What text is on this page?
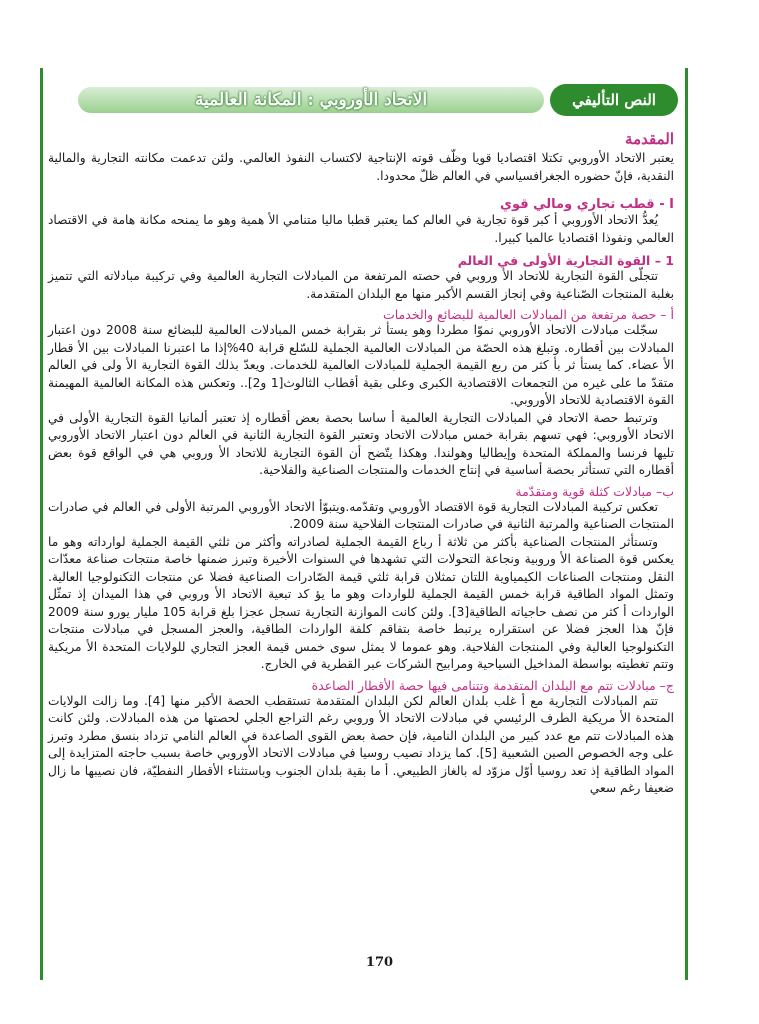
النص التأليفي
الاتحاد الأوروبي : المكانة العالمية
المقدمة

يعتبر الاتحاد الأوروبي تكتلا اقتصاديا قويا وظّف قوته الإنتاجية لاكتساب النفوذ العالمي. ولئن تدعمت مكانته التجارية والمالية النقدية، فإنّ حضوره الجغرافسياسي في العالم ظلّ محدودا.

I - قطب تجاري ومالي قوي

يُعدُّ الاتحاد الأوروبي أ كبر قوة تجارية في العالم كما يعتبر قطبا ماليا متنامي الأ همية وهو ما يمنحه مكانة هامة في الاقتصاد العالمي ونفوذا اقتصاديا عالميا كبيرا.

1 – القوة التجارية الأولى في العالم

تتجلّى القوة التجارية للاتحاد الأ وروبي في حصته المرتفعة من المبادلات التجارية العالمية وفي تركيبة مبادلاته التي تتميز بغلبة المنتجات الصّناعية وفي إنجاز القسم الأكبر منها مع البلدان المتقدمة.

أ – حصة مرتفعة من المبادلات العالمية للبضائع والخدمات

سجّلت مبادلات الاتحاد الأوروبي نموّا مطردا وهو يستأ ثر بقرابة خمس المبادلات العالمية للبضائع سنة 2008 دون اعتبار المبادلات بين أقطاره. وتبلغ هذه الحصّة من المبادلات العالمية الجملية للسّلع قرابة 40%إذا ما اعتبرنا المبادلات بين الأ قطار الأ عضاء. كما يستأ ثر بأ كثر من ربع القيمة الجملية للمبادلات العالمية للخدمات. ويعدّ بذلك القوة التجارية الأ ولى في العالم متقدّ ما على غيره من التجمعات الاقتصادية الكبرى وعلى بقية أقطاب الثالوث[1 و2].. وتعكس هذه المكانة العالمية المهيمنة القوة الاقتصادية للاتحاد الأوروبي.

وترتبط حصة الاتحاد في المبادلات التجارية العالمية أ ساسا بحصة بعض أقطاره إذ تعتبر ألمانيا القوة التجارية الأولى في الاتحاد الأوروبي: فهي تسهم بقرابة خمس مبادلات الاتحاد وتعتبر القوة التجارية الثانية في العالم دون اعتبار الاتحاد الأوروبي تليها فرنسا والمملكة المتحدة وإيطاليا وهولندا. وهكذا يتّضح أن القوة التجارية للاتحاد الأ وروبي هي في الواقع قوة بعض أقطاره التي تستأثر بحصة أساسية في إنتاج الخدمات والمنتجات الصناعية والفلاحية.

ب– مبادلات كثلة قوية ومتقدّمة

تعكس تركيبة المبادلات التجارية قوة الاقتصاد الأوروبي وتقدّمه.ويتبوّأ الاتحاد الأوروبي المرتبة الأولى في العالم في صادرات المنتجات الصناعية والمرتبة الثانية في صادرات المنتجات الفلاحية سنة 2009.

وتستأثر المنتجات الصناعية بأكثر من ثلاثة أ رباع القيمة الجملية لصادراته وأكثر من ثلثي القيمة الجملية لوارداته وهو ما يعكس قوة الصناعة الأ وروبية ونجاعة التحولات التي تشهدها في السنوات الأخيرة وتبرز ضمنها خاصة منتجات صناعة معدّات النقل ومنتجات الصناعات الكيمياوية اللتان تمثلان قرابة ثلثي قيمة الصّادرات الصناعية فضلا عن منتجات التكنولوجيا العالية. وتمثل المواد الطاقية قرابة خمس القيمة الجملية للواردات وهو ما يؤ كد تبعية الاتحاد الأ وروبي في هذا الميدان إذ تمثّل الواردات أ كثر من نصف حاجياته الطاقية[3]. ولئن كانت الموازنة التجارية تسجل عجزا بلغ قرابة 105 مليار يورو سنة 2009 فإنّ هذا العجز فضلا عن استقراره يرتبط خاصة بتفاقم كلفة الواردات الطاقية، والعجز المسجل في مبادلات منتجات التكنولوجيا العالية وفي المنتجات الفلاحية. وهو عموما لا يمثل سوى خمس قيمة العجز التجاري للولايات المتحدة الأ مريكية وتتم تغطيته بواسطة المداخيل السياحية ومرابيح الشركات عبر القطرية في الخارج.

ج– مبادلات تتم مع البلدان المتقدمة وتتنامى فيها حصة الأقطار الصاعدة

تتم المبادلات التجارية مع أ غلب بلدان العالم لكن البلدان المتقدمة تستقطب الحصة الأكبر منها [4]. وما زالت الولايات المتحدة الأ مريكية الطرف الرئيسي في مبادلات الاتحاد الأ وروبي رغم التراجع الجلي لحصتها من هذه المبادلات. ولئن كانت هذه المبادلات تتم مع عدد كبير من البلدان النامية، فإن حصة بعض القوى الصاعدة في العالم النامي تزداد بنسق مطرد وتبرز على وجه الخصوص الصين الشعبية [5]. كما يزداد نصيب روسيا في مبادلات الاتحاد الأوروبي خاصة بسبب حاجته المتزايدة إلى المواد الطاقية إذ تعد روسيا أوّل مزوّد له بالغاز الطبيعي. أ ما بقية بلدان الجنوب وباستثناء الأقطار النفطيّة، فان نصيبها ما زال ضعيفا رغم سعي

170
